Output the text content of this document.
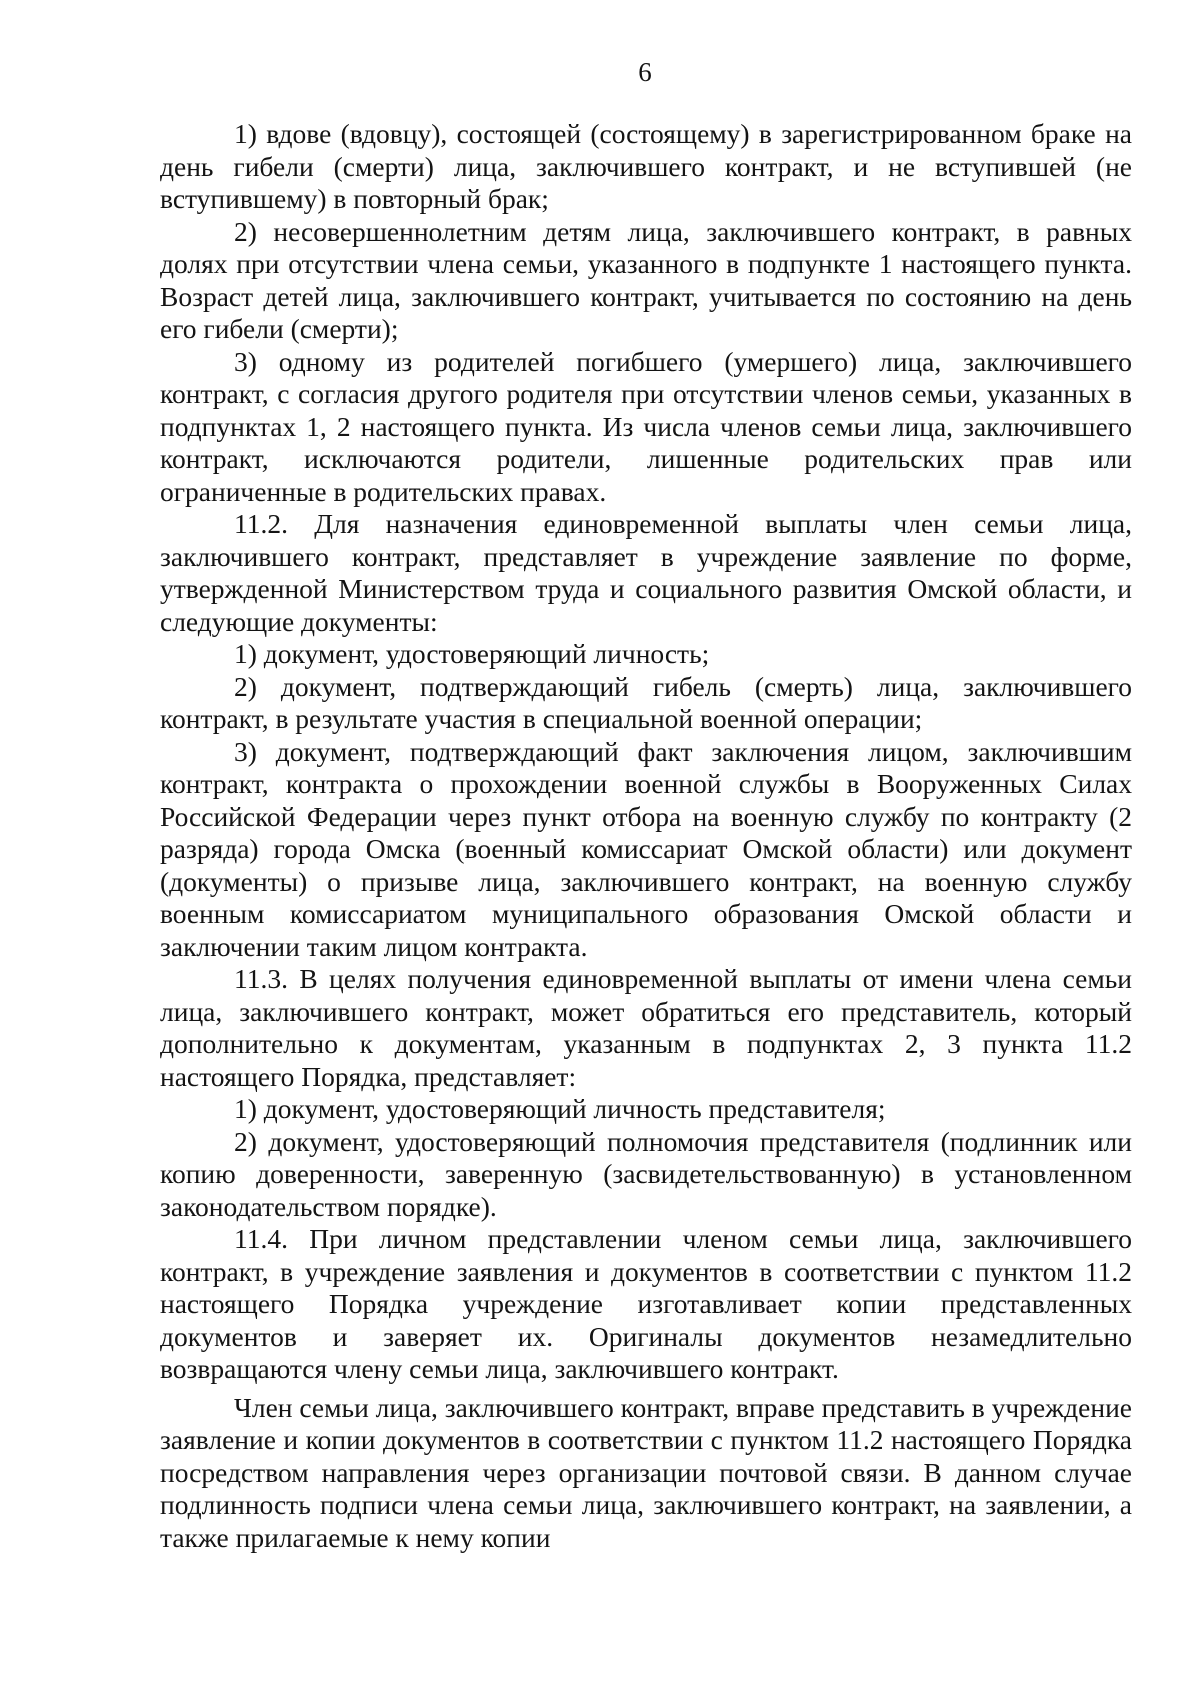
6

1) вдове (вдовцу), состоящей (состоящему) в зарегистрированном браке на день гибели (смерти) лица, заключившего контракт, и не вступившей (не вступившему) в повторный брак;

2) несовершеннолетним детям лица, заключившего контракт, в равных долях при отсутствии члена семьи, указанного в подпункте 1 настоящего пункта. Возраст детей лица, заключившего контракт, учитывается по состоянию на день его гибели (смерти);

3) одному из родителей погибшего (умершего) лица, заключившего контракт, с согласия другого родителя при отсутствии членов семьи, указанных в подпунктах 1, 2 настоящего пункта. Из числа членов семьи лица, заключившего контракт, исключаются родители, лишенные родительских прав или ограниченные в родительских правах.

11.2. Для назначения единовременной выплаты член семьи лица, заключившего контракт, представляет в учреждение заявление по форме, утвержденной Министерством труда и социального развития Омской области, и следующие документы:

1) документ, удостоверяющий личность;

2) документ, подтверждающий гибель (смерть) лица, заключившего контракт, в результате участия в специальной военной операции;

3) документ, подтверждающий факт заключения лицом, заключившим контракт, контракта о прохождении военной службы в Вооруженных Силах Российской Федерации через пункт отбора на военную службу по контракту (2 разряда) города Омска (военный комиссариат Омской области) или документ (документы) о призыве лица, заключившего контракт, на военную службу военным комиссариатом муниципального образования Омской области и заключении таким лицом контракта.

11.3. В целях получения единовременной выплаты от имени члена семьи лица, заключившего контракт, может обратиться его представитель, который дополнительно к документам, указанным в подпунктах 2, 3 пункта 11.2 настоящего Порядка, представляет:

1) документ, удостоверяющий личность представителя;

2) документ, удостоверяющий полномочия представителя (подлинник или копию доверенности, заверенную (засвидетельствованную) в установленном законодательством порядке).

11.4. При личном представлении членом семьи лица, заключившего контракт, в учреждение заявления и документов в соответствии с пунктом 11.2 настоящего Порядка учреждение изготавливает копии представленных документов и заверяет их. Оригиналы документов незамедлительно возвращаются члену семьи лица, заключившего контракт.

Член семьи лица, заключившего контракт, вправе представить в учреждение заявление и копии документов в соответствии с пунктом 11.2 настоящего Порядка посредством направления через организации почтовой связи. В данном случае подлинность подписи члена семьи лица, заключившего контракт, на заявлении, а также прилагаемые к нему копии
